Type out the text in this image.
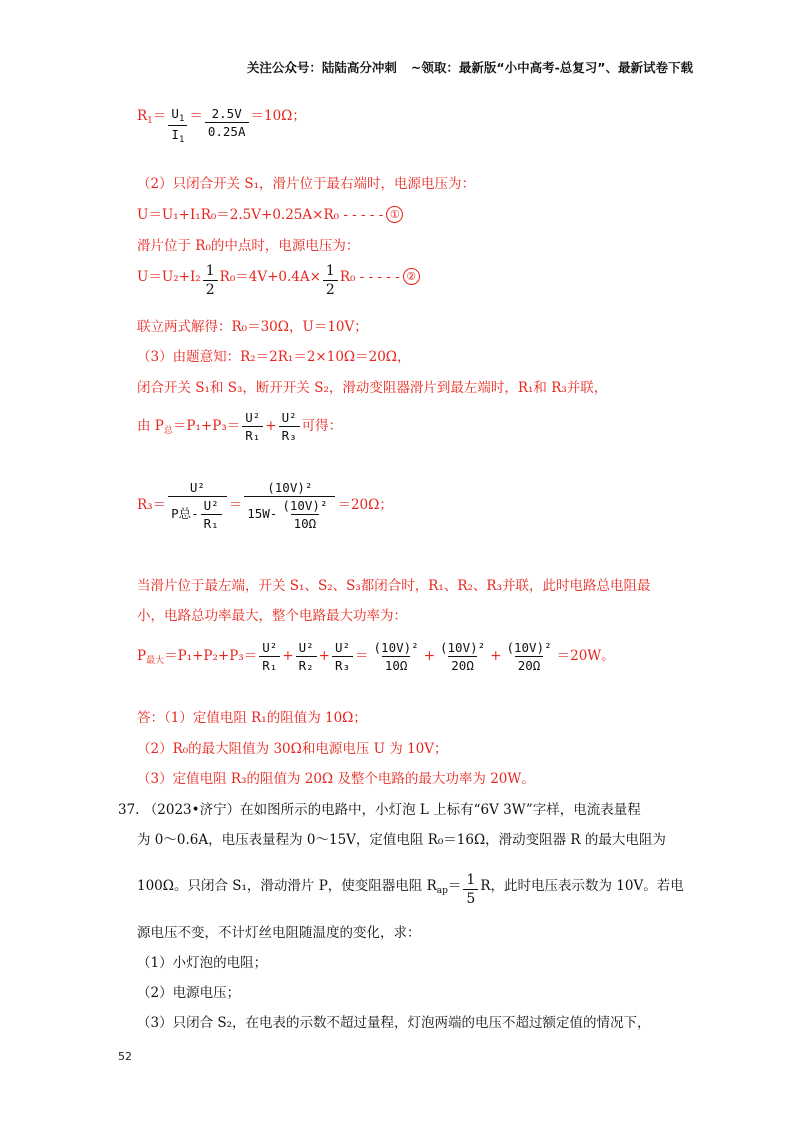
关注公众号：陆陆高分冲刺 ~领取：最新版“小中高考-总复习”、最新试卷下载
$R_1= \frac{U_1}{I_1} = \frac{2.5V}{0.25A} =10\Omega$；
（2）只闭合开关 S₁，滑片位于最右端时，电源电压为：
U＝U₁+I₁R₀＝2.5V+0.25A×R₀ - - - - - ①
滑片位于 R₀的中点时，电源电压为：
$U=U_2+I_2 \frac{1}{2} R_0=4V+0.4A\times \frac{1}{2} R_0$ - - - - - ②
联立两式解得：R₀＝30Ω，U＝10V；
（3）由题意知：R₂＝2R₁＝2×10Ω＝20Ω，
闭合开关 S₁和 S₃，断开开关 S₂，滑动变阻器滑片到最左端时，R₁和 R₃并联，
由 $P_总=P_1+P_3= \frac{\text{U²}}{\text{R₁}} + \frac{\text{U²}}{\text{R₃}}$ 可得：
$R_3= \frac{\text{U²}}{P总- \frac{\text{U²}}{\text{R₁}}} = \frac{\text{(10V)²}}{15W- \frac{\text{(10V)²}}{10\Omega}} =20\Omega$；
当滑片位于最左端，开关 S₁、S₂、S₃都闭合时，R₁、R₂、R₃并联，此时电路总电阻最
小，电路总功率最大，整个电路最大功率为：
$P_{最大}=P_1+P_2+P_3= \frac{\text{U²}}{\text{R₁}} + \frac{\text{U²}}{\text{R₂}} + \frac{\text{U²}}{\text{R₃}} = \frac{\text{(10V)²}}{10\Omega} + \frac{\text{(10V)²}}{20\Omega} + \frac{\text{(10V)²}}{20\Omega} =20W$。
答：（1）定值电阻 R₁的阻值为 10Ω；
（2）R₀的最大阻值为 30Ω和电源电压 U 为 10V；
（3）定值电阻 R₃的阻值为 20Ω 及整个电路的最大功率为 20W。
37. （2023•济宁）在如图所示的电路中，小灯泡 L 上标有“6V 3W”字样，电流表量程
为 0～0.6A，电压表量程为 0～15V，定值电阻 R₀＝16Ω，滑动变阻器 R 的最大电阻为
100Ω。只闭合 S₁，滑动滑片 P，使变阻器电阻 $R_{ap}= \frac{1}{5}$ R，此时电压表示数为 10V。若电
源电压不变，不计灯丝电阻随温度的变化，求：
（1）小灯泡的电阻；
（2）电源电压；
（3）只闭合 S₂，在电表的示数不超过量程，灯泡两端的电压不超过额定值的情况下，
52
